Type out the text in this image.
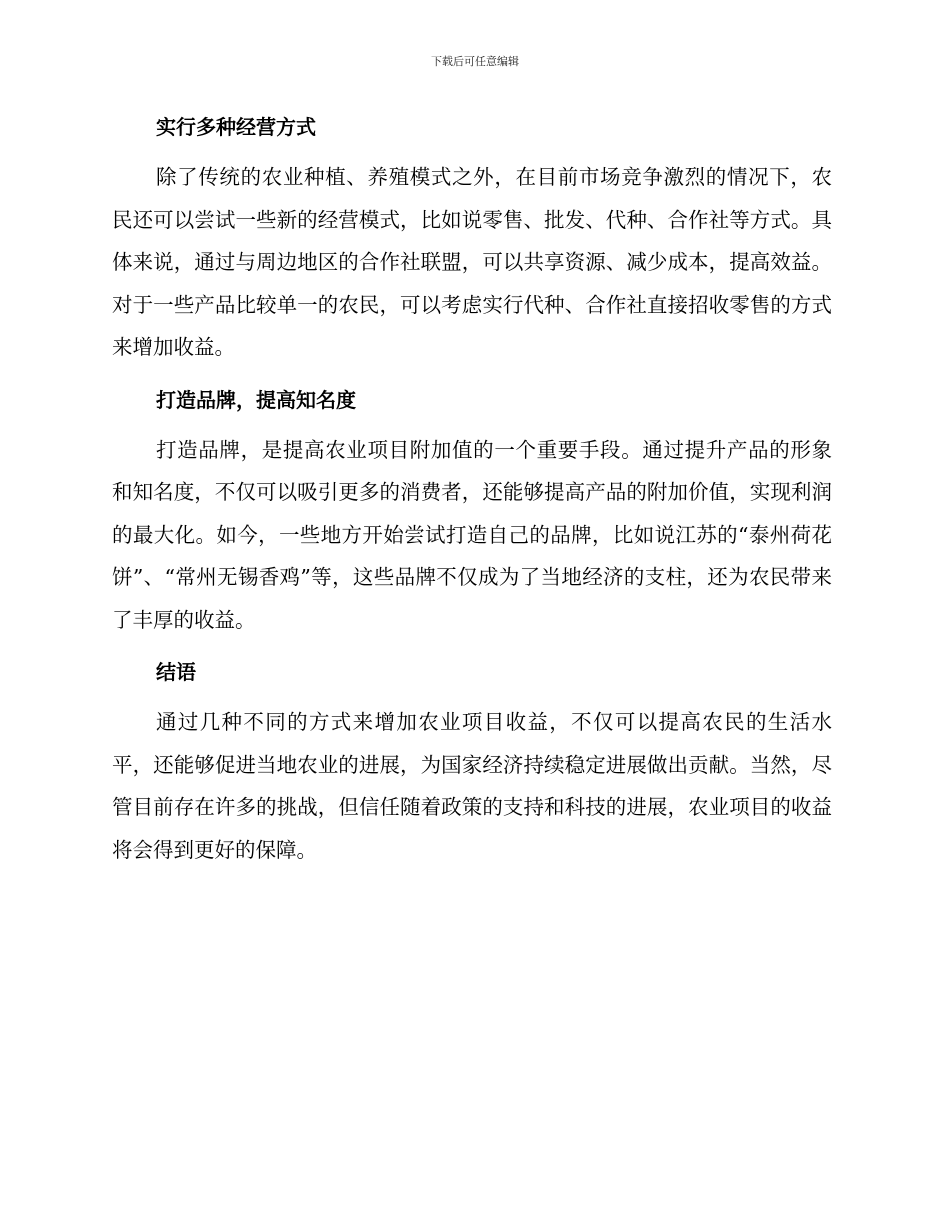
下载后可任意编辑
实行多种经营方式

除了传统的农业种植、养殖模式之外，在目前市场竞争激烈的情况下，农民还可以尝试一些新的经营模式，比如说零售、批发、代种、合作社等方式。具体来说，通过与周边地区的合作社联盟，可以共享资源、减少成本，提高效益。对于一些产品比较单一的农民，可以考虑实行代种、合作社直接招收零售的方式来增加收益。

打造品牌，提高知名度

打造品牌，是提高农业项目附加值的一个重要手段。通过提升产品的形象和知名度，不仅可以吸引更多的消费者，还能够提高产品的附加价值，实现利润的最大化。如今，一些地方开始尝试打造自己的品牌，比如说江苏的“泰州荷花饼”、“常州无锡香鸡”等，这些品牌不仅成为了当地经济的支柱，还为农民带来了丰厚的收益。

结语

通过几种不同的方式来增加农业项目收益，不仅可以提高农民的生活水平，还能够促进当地农业的进展，为国家经济持续稳定进展做出贡献。当然，尽管目前存在许多的挑战，但信任随着政策的支持和科技的进展，农业项目的收益将会得到更好的保障。
